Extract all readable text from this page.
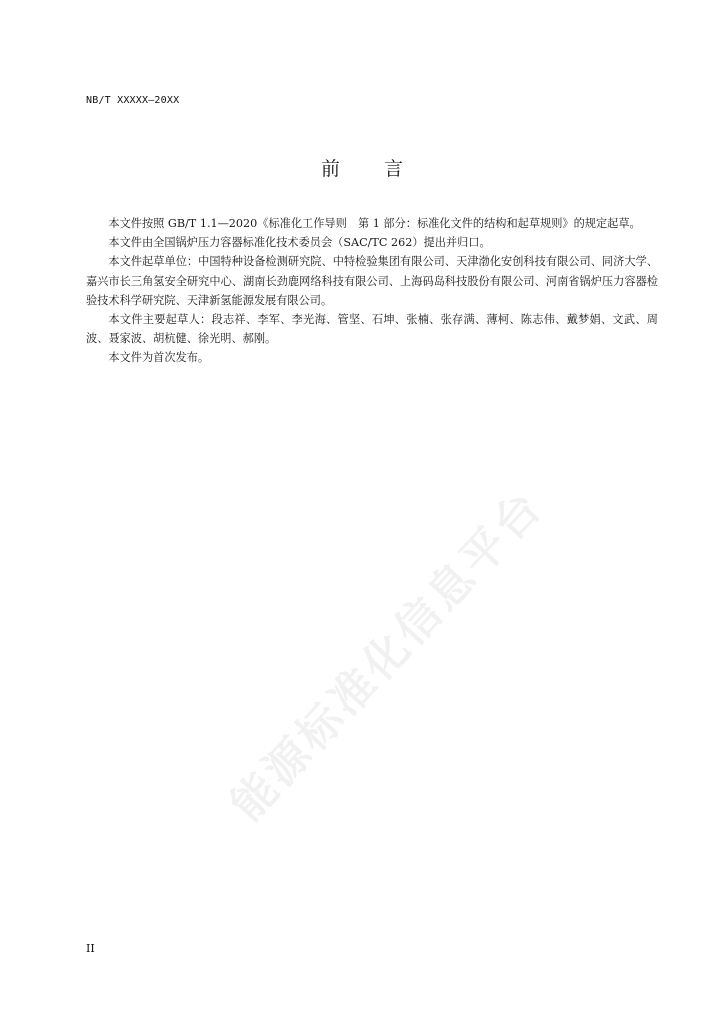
NB/T XXXXX—20XX
前言

本文件按照 GB/T 1.1—2020《标准化工作导则　第 1 部分：标准化文件的结构和起草规则》的规定起草。

本文件由全国锅炉压力容器标准化技术委员会（SAC/TC 262）提出并归口。

本文件起草单位：中国特种设备检测研究院、中特检验集团有限公司、天津渤化安创科技有限公司、同济大学、嘉兴市长三角氢安全研究中心、湖南长劲鹿网络科技有限公司、上海码岛科技股份有限公司、河南省锅炉压力容器检验技术科学研究院、天津新氢能源发展有限公司。

本文件主要起草人：段志祥、李军、李光海、管坚、石坤、张楠、张存满、薄柯、陈志伟、戴梦娟、文武、周波、聂家波、胡杭健、徐光明、郝刚。

本文件为首次发布。

能源标准化信息平台
II
